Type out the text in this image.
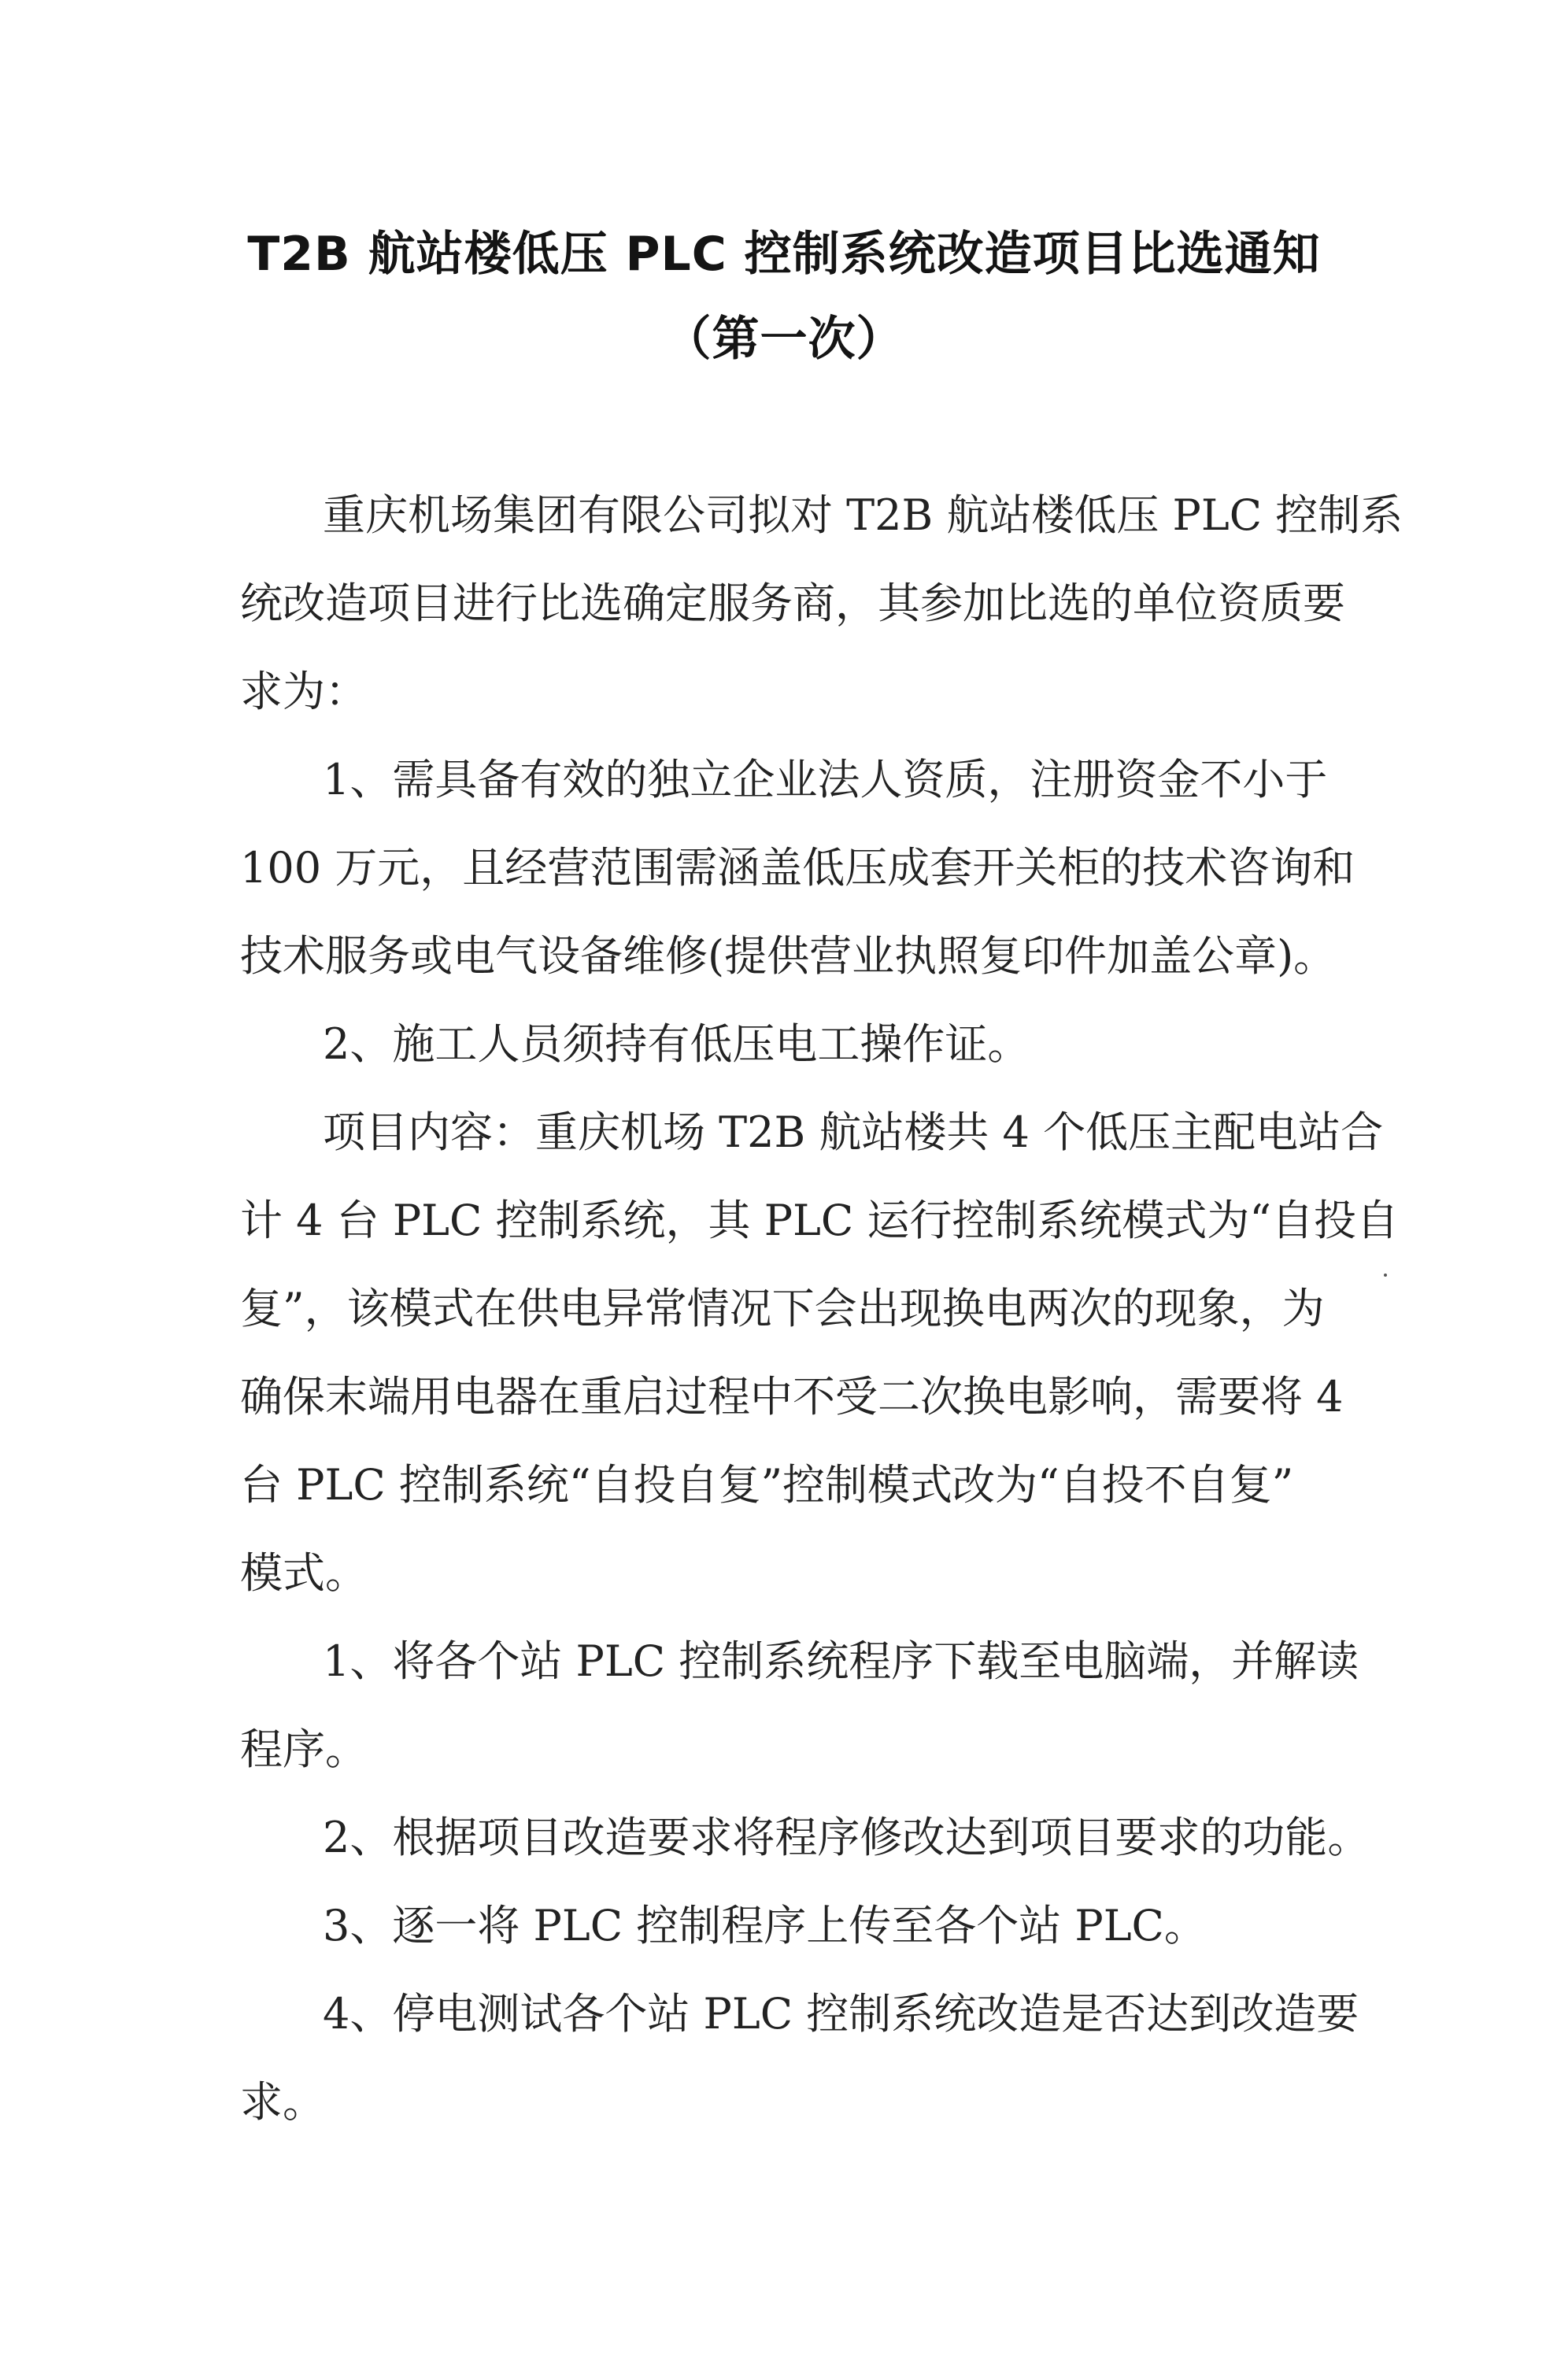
T2B 航站楼低压 PLC 控制系统改造项目比选通知
（第一次）
重庆机场集团有限公司拟对 T2B 航站楼低压 PLC 控制系
统改造项目进行比选确定服务商，其参加比选的单位资质要
求为：
1、需具备有效的独立企业法人资质，注册资金不小于
100 万元，且经营范围需涵盖低压成套开关柜的技术咨询和
技术服务或电气设备维修(提供营业执照复印件加盖公章)。
2、施工人员须持有低压电工操作证。
项目内容：重庆机场 T2B 航站楼共 4 个低压主配电站合
计 4 台 PLC 控制系统，其 PLC 运行控制系统模式为“自投自
复”，该模式在供电异常情况下会出现换电两次的现象，为
确保末端用电器在重启过程中不受二次换电影响，需要将 4
台 PLC 控制系统“自投自复”控制模式改为“自投不自复”
模式。
1、将各个站 PLC 控制系统程序下载至电脑端，并解读
程序。
2、根据项目改造要求将程序修改达到项目要求的功能。
3、逐一将 PLC 控制程序上传至各个站 PLC。
4、停电测试各个站 PLC 控制系统改造是否达到改造要
求。
